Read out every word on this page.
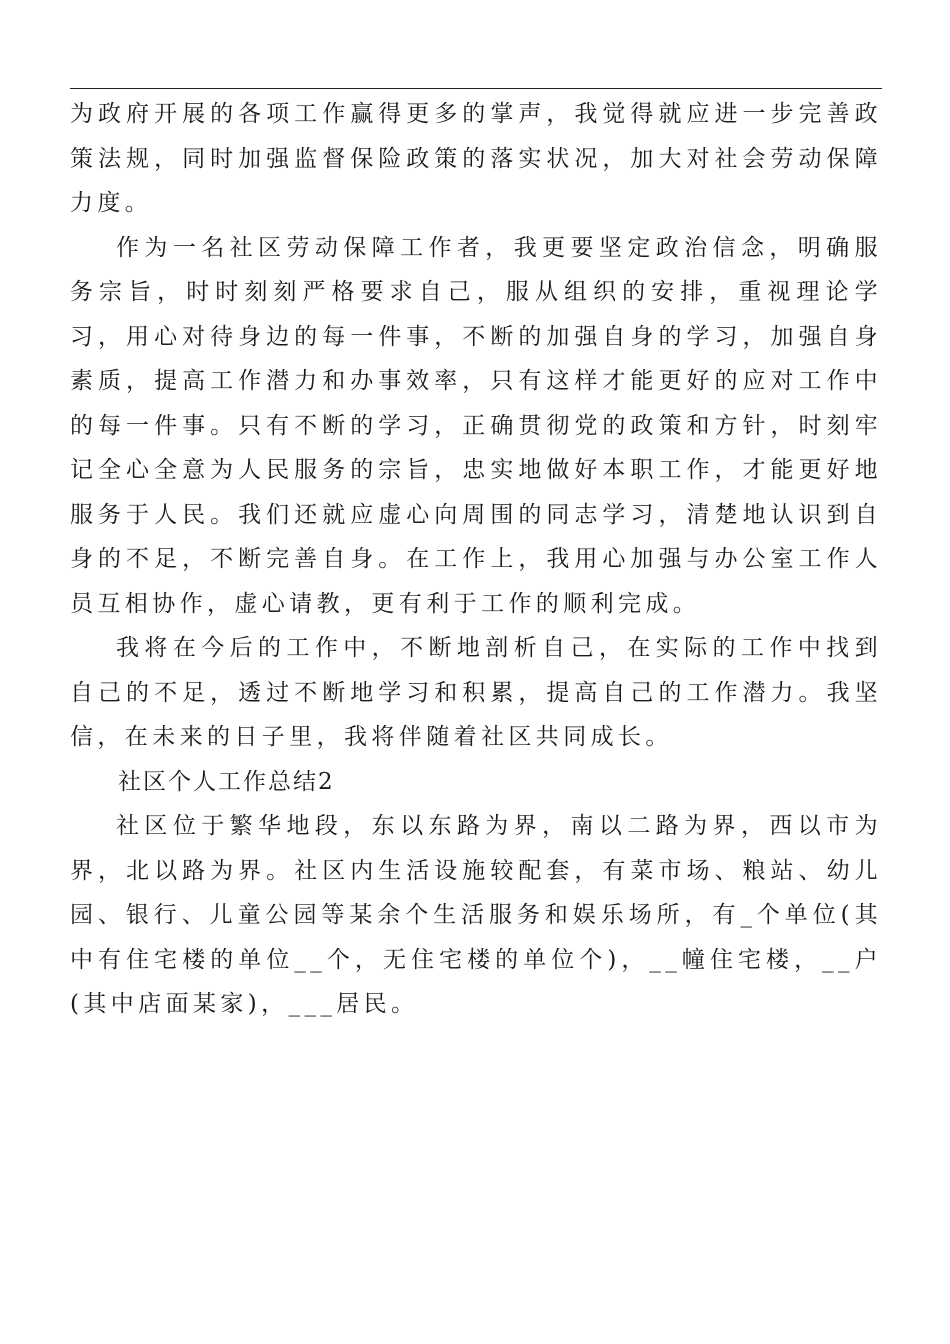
为政府开展的各项工作赢得更多的掌声，我觉得就应进一步完善政策法规，同时加强监督保险政策的落实状况，加大对社会劳动保障力度。

作为一名社区劳动保障工作者，我更要坚定政治信念，明确服务宗旨，时时刻刻严格要求自己，服从组织的安排，重视理论学习，用心对待身边的每一件事，不断的加强自身的学习，加强自身素质，提高工作潜力和办事效率，只有这样才能更好的应对工作中的每一件事。只有不断的学习，正确贯彻党的政策和方针，时刻牢记全心全意为人民服务的宗旨，忠实地做好本职工作，才能更好地服务于人民。我们还就应虚心向周围的同志学习，清楚地认识到自身的不足，不断完善自身。在工作上，我用心加强与办公室工作人员互相协作，虚心请教，更有利于工作的顺利完成。

我将在今后的工作中，不断地剖析自己，在实际的工作中找到自己的不足，透过不断地学习和积累，提高自己的工作潜力。我坚信，在未来的日子里，我将伴随着社区共同成长。

社区个人工作总结2

社区位于繁华地段，东以东路为界，南以二路为界，西以市为界，北以路为界。社区内生活设施较配套，有菜市场、粮站、幼儿园、银行、儿童公园等某余个生活服务和娱乐场所，有_个单位(其中有住宅楼的单位__个，无住宅楼的单位个)，__幢住宅楼，__户(其中店面某家)，___居民。
